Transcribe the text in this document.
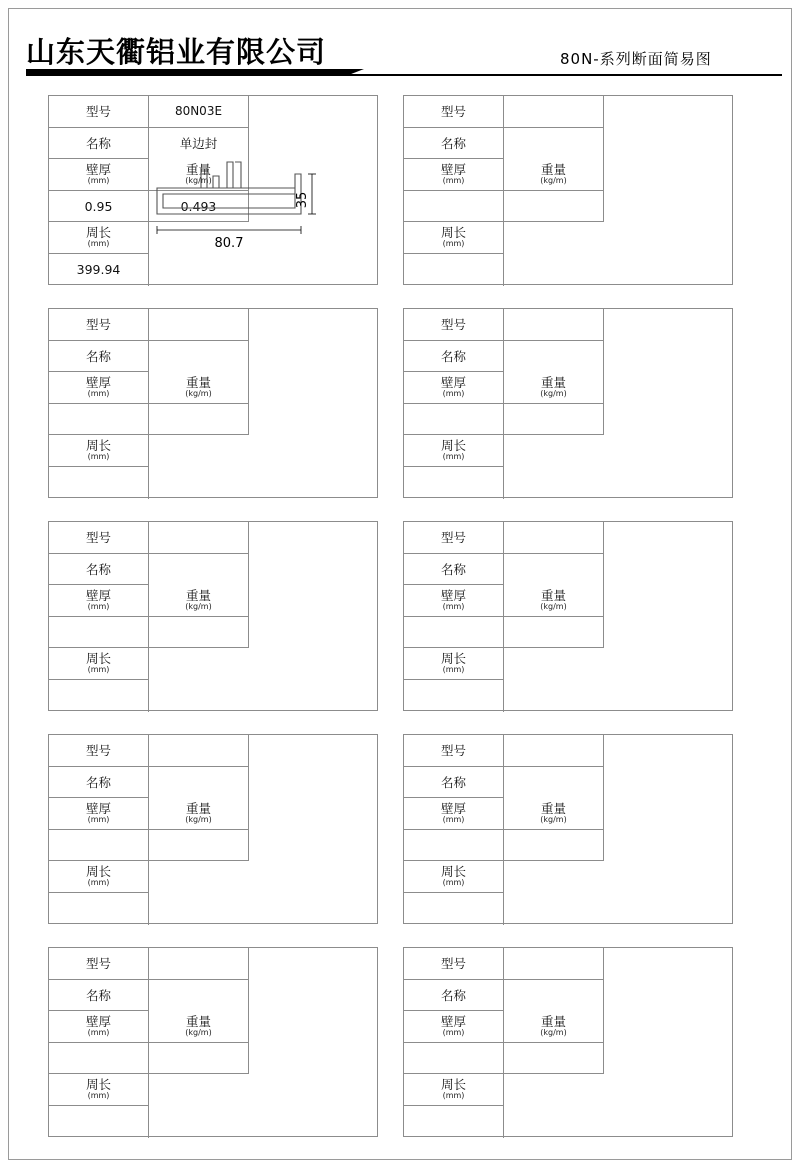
山东天衢铝业有限公司	80N-系列断面简易图
型号
名称
壁厚
(mm)
重量
(kg/m)
0.95	0.493
周长
(mm)
399.94
80N03E
单边封
35
80.7
型号
名称
壁厚
(mm)
重量
(kg/m)
周长
(mm)
型号
名称
壁厚
(mm)
重量
(kg/m)
周长
(mm)
型号
名称
壁厚
(mm)
重量
(kg/m)
周长
(mm)
型号
名称
壁厚
(mm)
重量
(kg/m)
周长
(mm)
型号
名称
壁厚
(mm)
重量
(kg/m)
周长
(mm)
型号
名称
壁厚
(mm)
重量
(kg/m)
周长
(mm)
型号
名称
壁厚
(mm)
重量
(kg/m)
周长
(mm)
型号
名称
壁厚
(mm)
重量
(kg/m)
周长
(mm)
型号
名称
壁厚
(mm)
重量
(kg/m)
周长
(mm)
